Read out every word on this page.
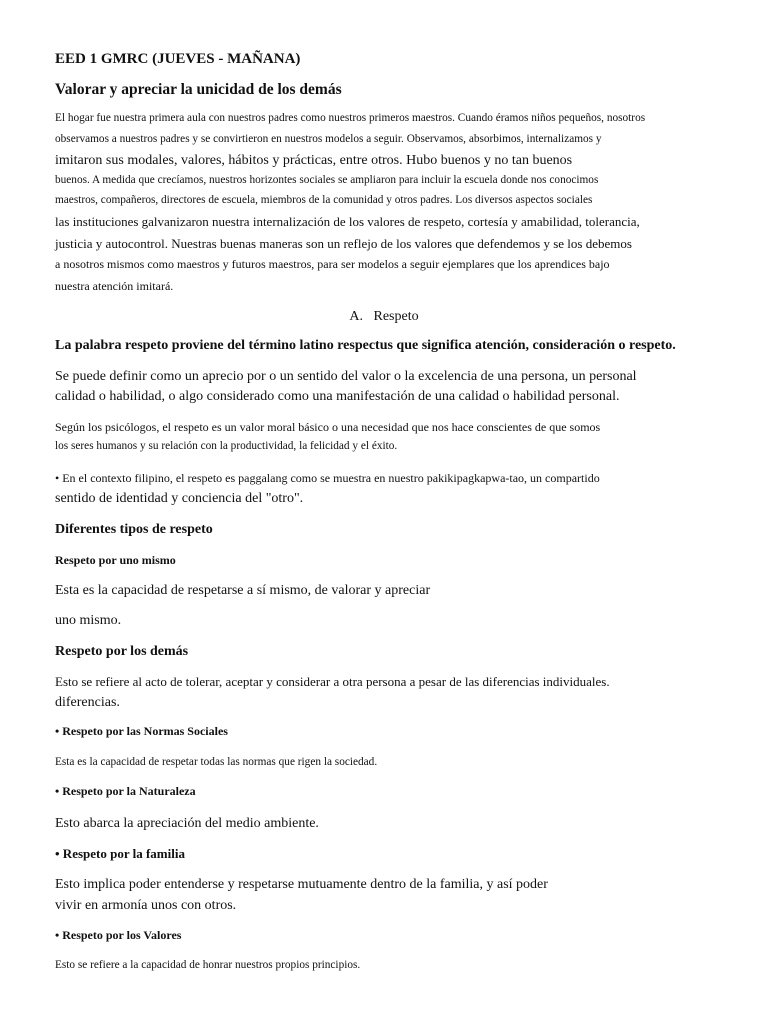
EED 1 GMRC (JUEVES - MAÑANA)
Valorar y apreciar la unicidad de los demás
El hogar fue nuestra primera aula con nuestros padres como nuestros primeros maestros. Cuando éramos niños pequeños, nosotros
observamos a nuestros padres y se convirtieron en nuestros modelos a seguir. Observamos, absorbimos, internalizamos y
imitaron sus modales, valores, hábitos y prácticas, entre otros. Hubo buenos y no tan buenos
buenos. A medida que crecíamos, nuestros horizontes sociales se ampliaron para incluir la escuela donde nos conocimos
maestros, compañeros, directores de escuela, miembros de la comunidad y otros padres. Los diversos aspectos sociales
las instituciones galvanizaron nuestra internalización de los valores de respeto, cortesía y amabilidad, tolerancia,
justicia y autocontrol. Nuestras buenas maneras son un reflejo de los valores que defendemos y se los debemos
a nosotros mismos como maestros y futuros maestros, para ser modelos a seguir ejemplares que los aprendices bajo
nuestra atención imitará.
A. Respeto
La palabra respeto proviene del término latino respectus que significa atención, consideración o respeto.
Se puede definir como un aprecio por o un sentido del valor o la excelencia de una persona, un personal
calidad o habilidad, o algo considerado como una manifestación de una calidad o habilidad personal.
Según los psicólogos, el respeto es un valor moral básico o una necesidad que nos hace conscientes de que somos
los seres humanos y su relación con la productividad, la felicidad y el éxito.
• En el contexto filipino, el respeto es paggalang como se muestra en nuestro pakikipagkapwa-tao, un compartido
sentido de identidad y conciencia del "otro".
Diferentes tipos de respeto
Respeto por uno mismo
Esta es la capacidad de respetarse a sí mismo, de valorar y apreciar
uno mismo.
Respeto por los demás
Esto se refiere al acto de tolerar, aceptar y considerar a otra persona a pesar de las diferencias individuales.
diferencias.
• Respeto por las Normas Sociales
Esta es la capacidad de respetar todas las normas que rigen la sociedad.
• Respeto por la Naturaleza
Esto abarca la apreciación del medio ambiente.
• Respeto por la familia
Esto implica poder entenderse y respetarse mutuamente dentro de la familia, y así poder
vivir en armonía unos con otros.
• Respeto por los Valores
Esto se refiere a la capacidad de honrar nuestros propios principios.
